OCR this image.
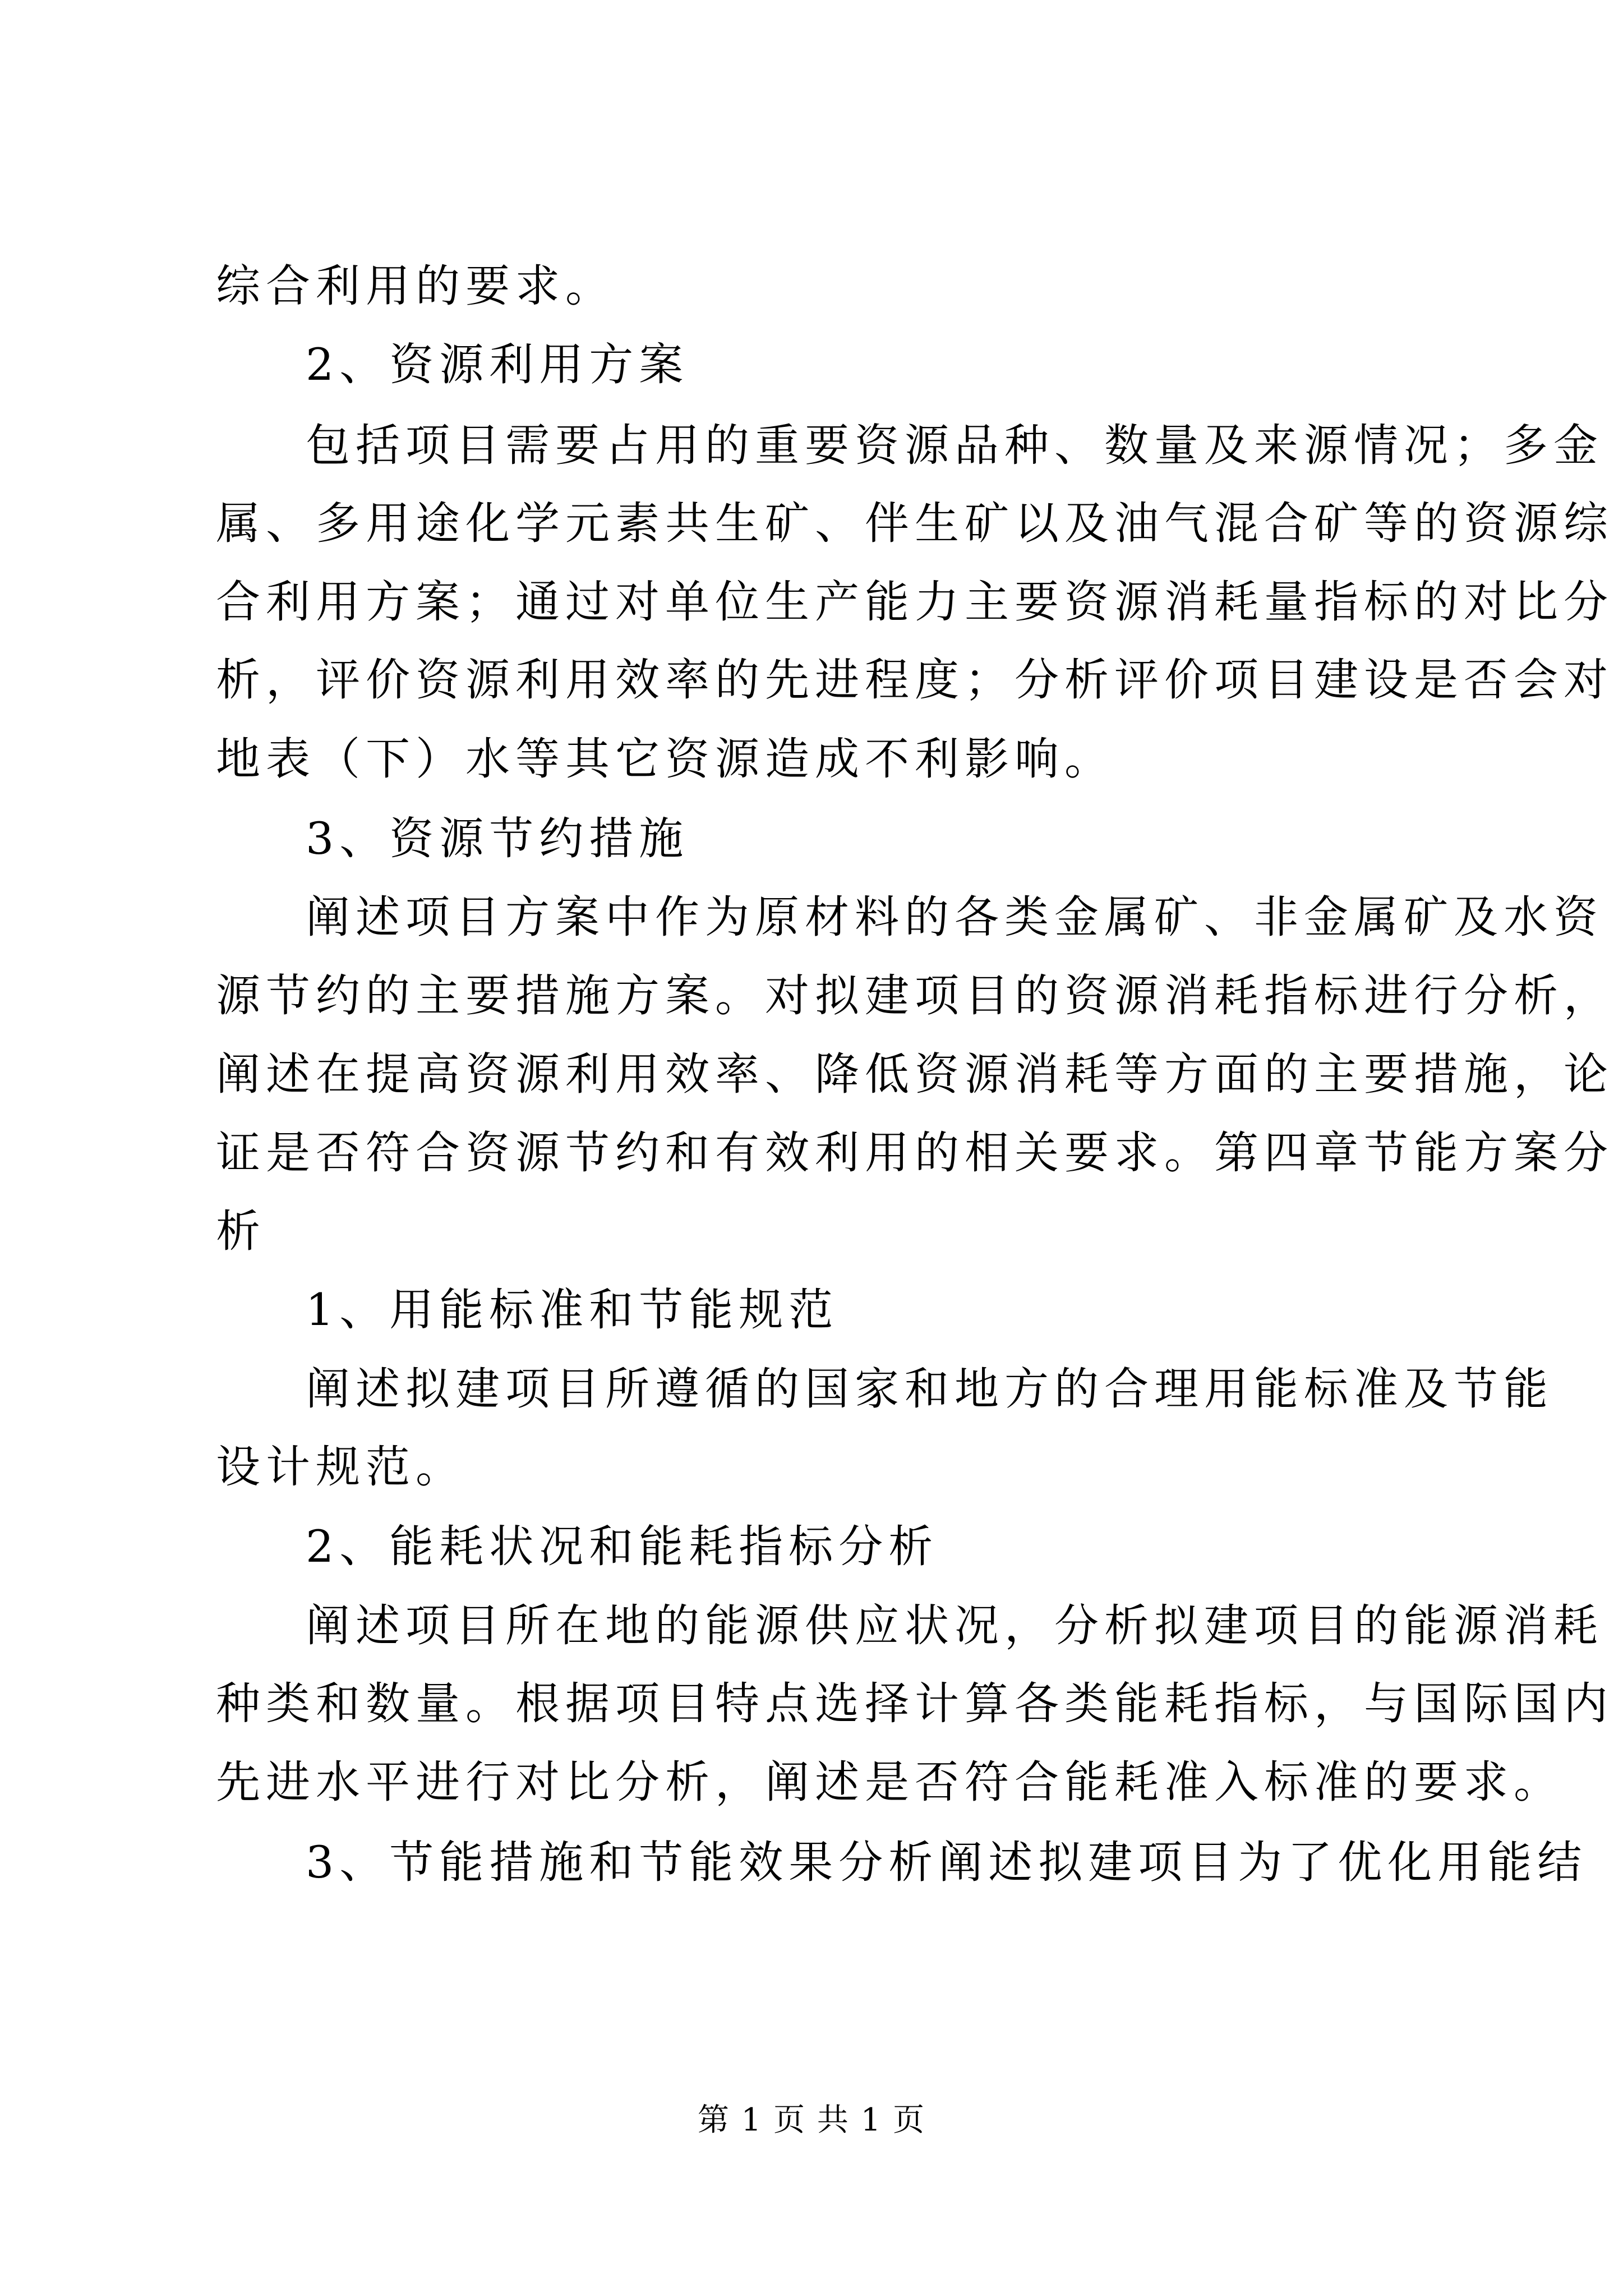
综合利用的要求。
2、资源利用方案
包括项目需要占用的重要资源品种、数量及来源情况；多金
属、多用途化学元素共生矿、伴生矿以及油气混合矿等的资源综
合利用方案；通过对单位生产能力主要资源消耗量指标的对比分
析，评价资源利用效率的先进程度；分析评价项目建设是否会对
地表（下）水等其它资源造成不利影响。
3、资源节约措施
阐述项目方案中作为原材料的各类金属矿、非金属矿及水资
源节约的主要措施方案。对拟建项目的资源消耗指标进行分析，
阐述在提高资源利用效率、降低资源消耗等方面的主要措施，论
证是否符合资源节约和有效利用的相关要求。第四章节能方案分
析
1、用能标准和节能规范
阐述拟建项目所遵循的国家和地方的合理用能标准及节能
设计规范。
2、能耗状况和能耗指标分析
阐述项目所在地的能源供应状况，分析拟建项目的能源消耗
种类和数量。根据项目特点选择计算各类能耗指标，与国际国内
先进水平进行对比分析，阐述是否符合能耗准入标准的要求。
3、节能措施和节能效果分析阐述拟建项目为了优化用能结
第 1 页 共 1 页
